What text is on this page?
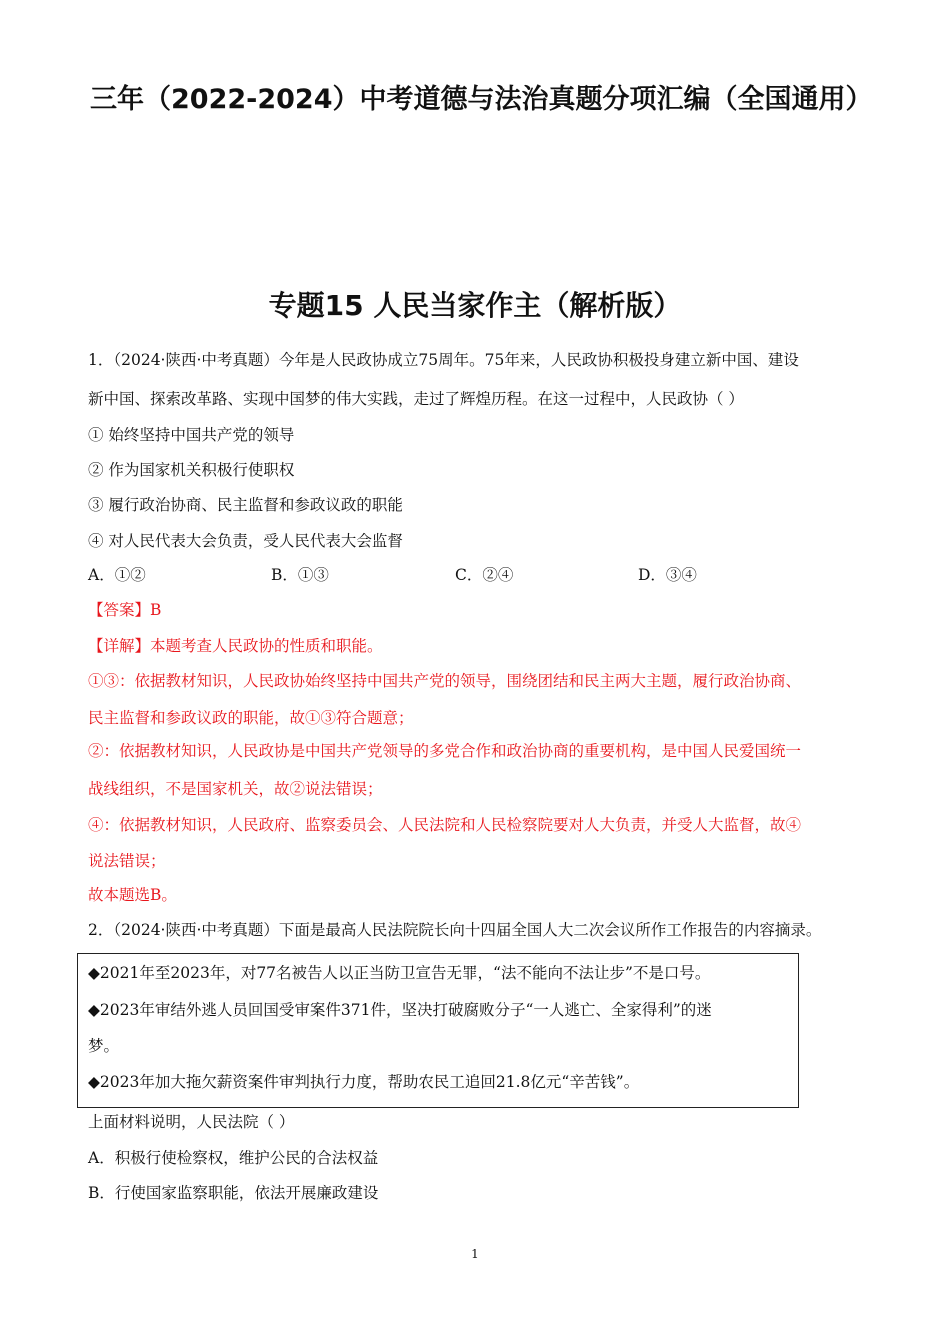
三年（2022-2024）中考道德与法治真题分项汇编（全国通用）
专题15 人民当家作主（解析版）
1．（2024·陕西·中考真题）今年是人民政协成立75周年。75年来，人民政协积极投身建立新中国、建设
新中国、探索改革路、实现中国梦的伟大实践，走过了辉煌历程。在这一过程中，人民政协（ ）
① 始终坚持中国共产党的领导
② 作为国家机关积极行使职权
③ 履行政治协商、民主监督和参政议政的职能
④ 对人民代表大会负责，受人民代表大会监督
A．①②	B．①③	C．②④	D．③④
【答案】B
【详解】本题考查人民政协的性质和职能。
①③：依据教材知识，人民政协始终坚持中国共产党的领导，围绕团结和民主两大主题，履行政治协商、
民主监督和参政议政的职能，故①③符合题意；
②：依据教材知识，人民政协是中国共产党领导的多党合作和政治协商的重要机构，是中国人民爱国统一
战线组织，不是国家机关，故②说法错误；
④：依据教材知识，人民政府、监察委员会、人民法院和人民检察院要对人大负责，并受人大监督，故④
说法错误；
故本题选B。
2．（2024·陕西·中考真题）下面是最高人民法院院长向十四届全国人大二次会议所作工作报告的内容摘录。
◆2021年至2023年，对77名被告人以正当防卫宣告无罪，“法不能向不法让步”不是口号。
◆2023年审结外逃人员回国受审案件371件，坚决打破腐败分子“一人逃亡、全家得利”的迷
梦。
◆2023年加大拖欠薪资案件审判执行力度，帮助农民工追回21.8亿元“辛苦钱”。
上面材料说明，人民法院（ ）
A．积极行使检察权，维护公民的合法权益
B．行使国家监察职能，依法开展廉政建设
1
